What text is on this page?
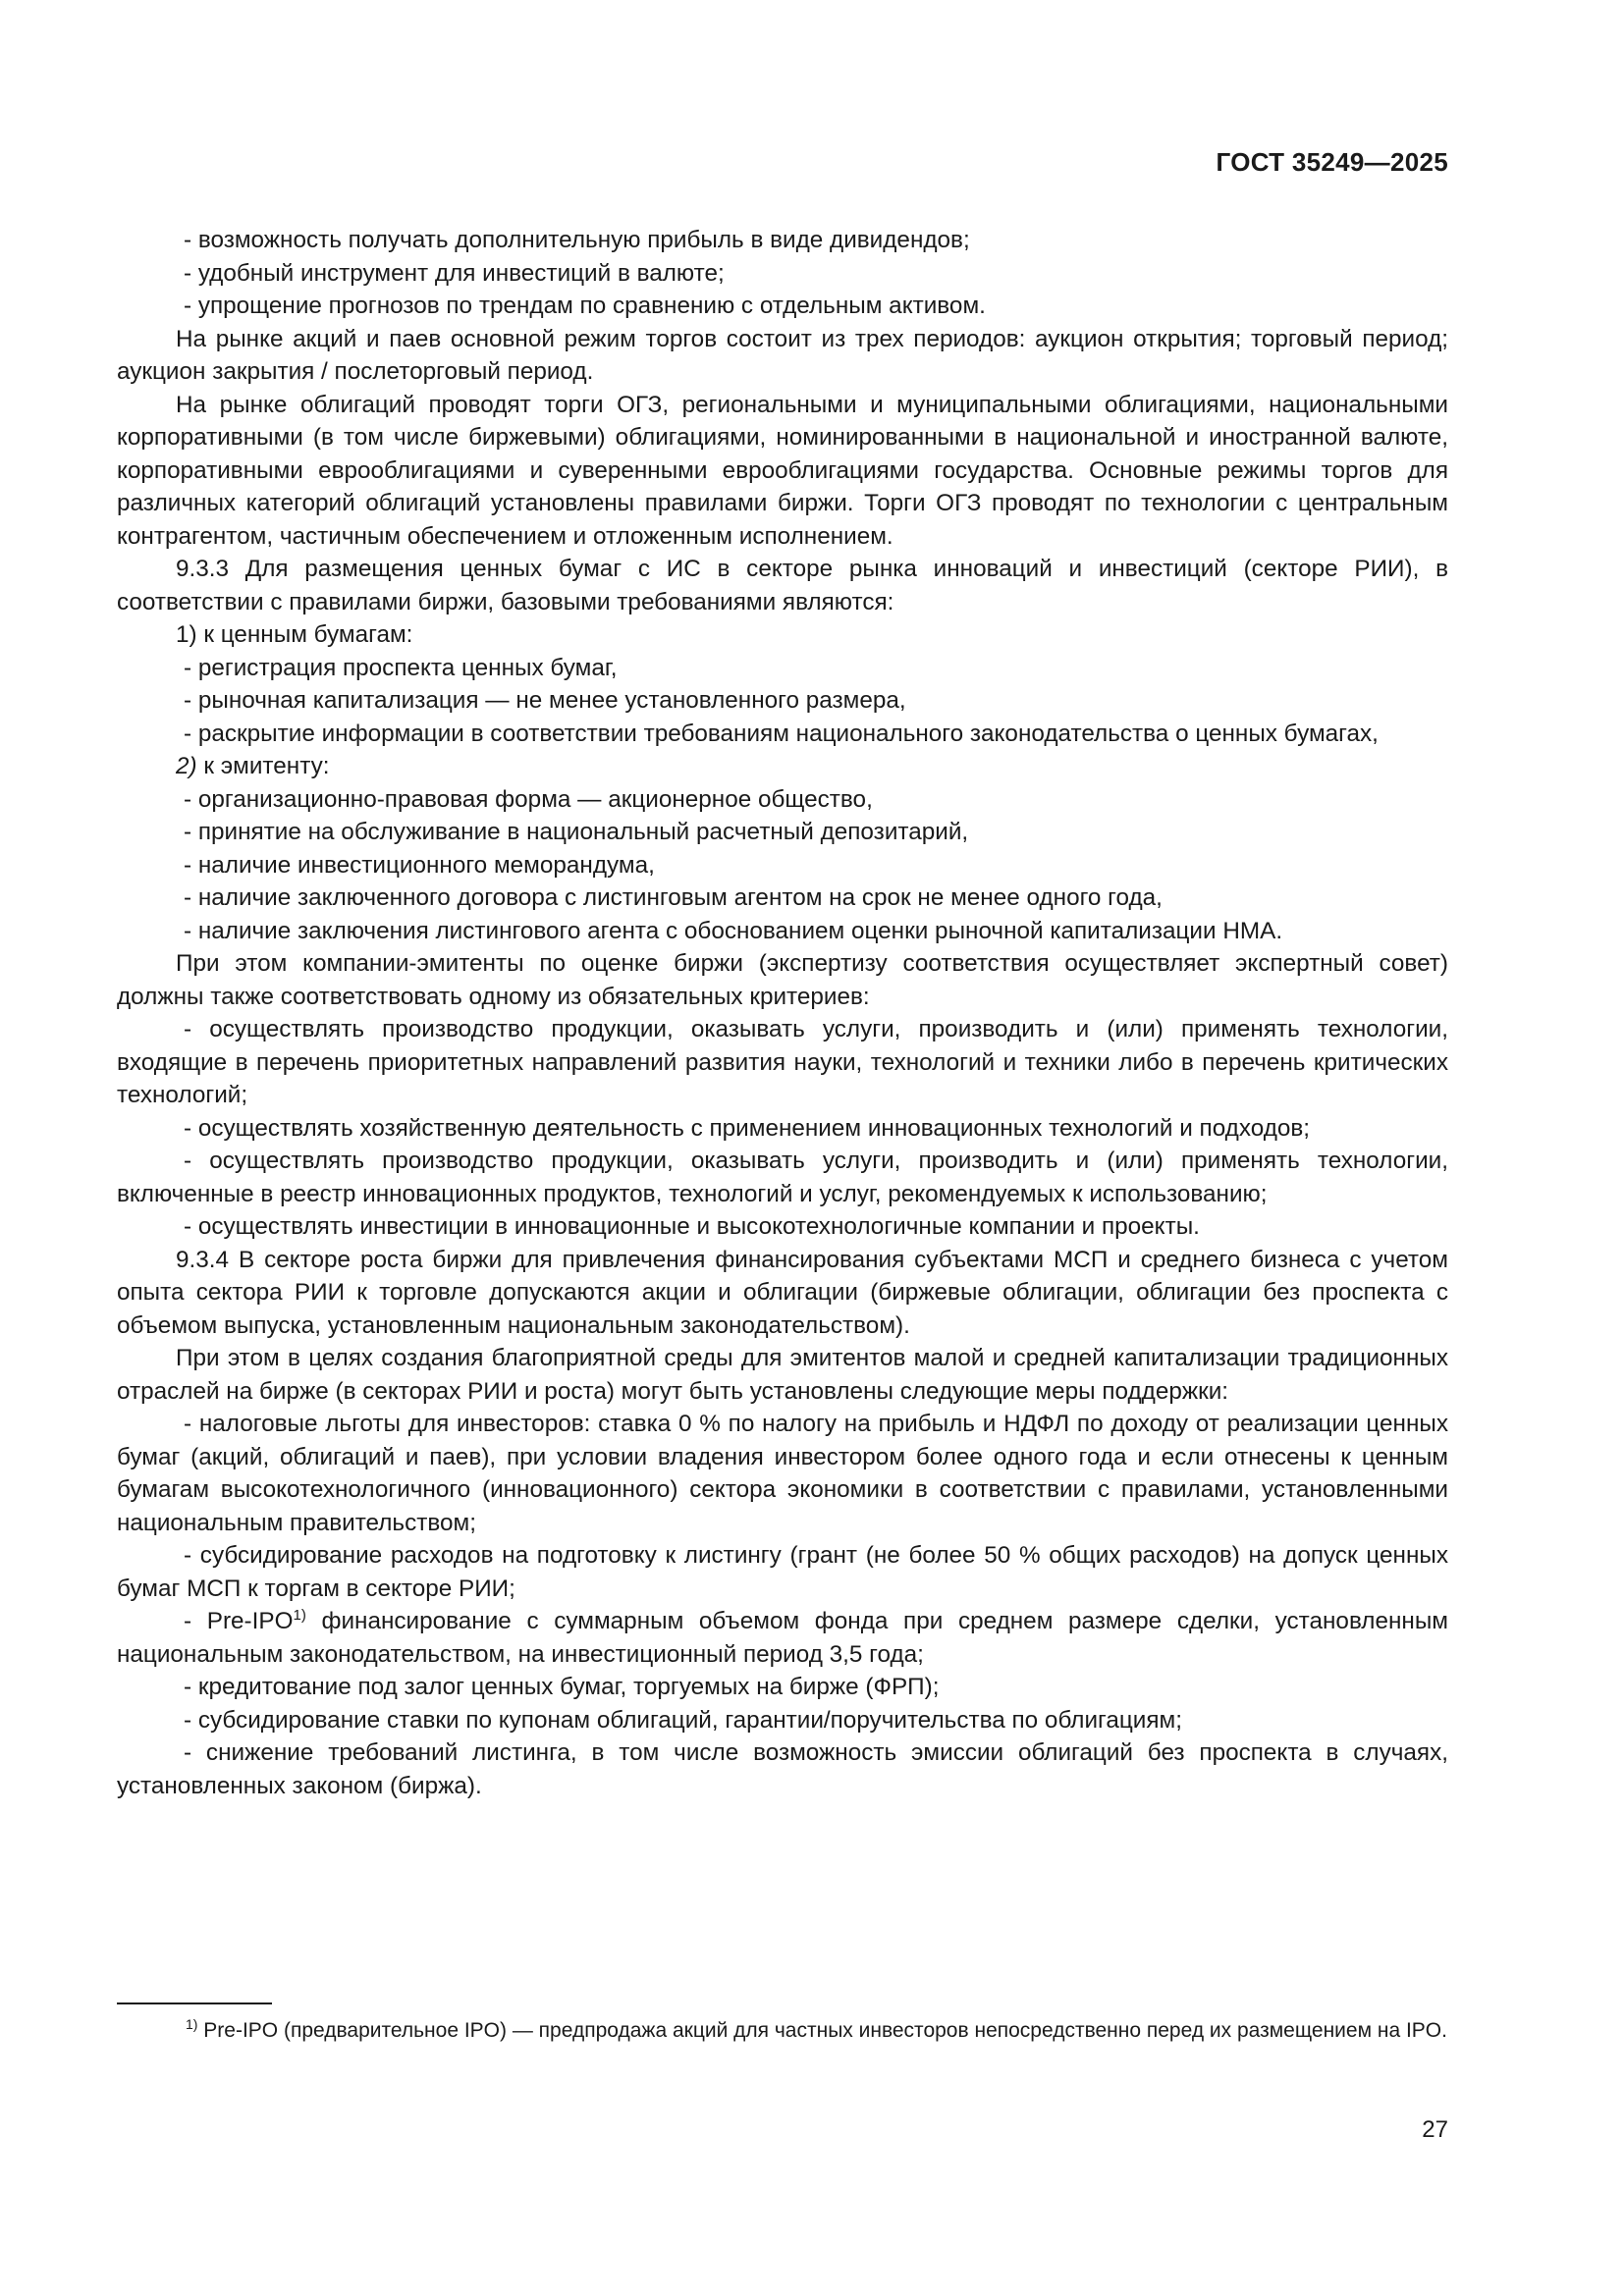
ГОСТ 35249—2025

- возможность получать дополнительную прибыль в виде дивидендов;

- удобный инструмент для инвестиций в валюте;

- упрощение прогнозов по трендам по сравнению с отдельным активом.

На рынке акций и паев основной режим торгов состоит из трех периодов: аукцион открытия; торговый период; аукцион закрытия / послеторговый период.

На рынке облигаций проводят торги ОГЗ, региональными и муниципальными облигациями, национальными корпоративными (в том числе биржевыми) облигациями, номинированными в национальной и иностранной валюте, корпоративными еврооблигациями и суверенными еврооблигациями государства. Основные режимы торгов для различных категорий облигаций установлены правилами биржи. Торги ОГЗ проводят по технологии с центральным контрагентом, частичным обеспечением и отложенным исполнением.

9.3.3 Для размещения ценных бумаг с ИС в секторе рынка инноваций и инвестиций (секторе РИИ), в соответствии с правилами биржи, базовыми требованиями являются:

1) к ценным бумагам:

- регистрация проспекта ценных бумаг,

- рыночная капитализация — не менее установленного размера,

- раскрытие информации в соответствии требованиям национального законодательства о ценных бумагах,

2) к эмитенту:

- организационно-правовая форма — акционерное общество,

- принятие на обслуживание в национальный расчетный депозитарий,

- наличие инвестиционного меморандума,

- наличие заключенного договора с листинговым агентом на срок не менее одного года,

- наличие заключения листингового агента с обоснованием оценки рыночной капитализации НМА.

При этом компании-эмитенты по оценке биржи (экспертизу соответствия осуществляет экспертный совет) должны также соответствовать одному из обязательных критериев:

- осуществлять производство продукции, оказывать услуги, производить и (или) применять технологии, входящие в перечень приоритетных направлений развития науки, технологий и техники либо в перечень критических технологий;

- осуществлять хозяйственную деятельность с применением инновационных технологий и подходов;

- осуществлять производство продукции, оказывать услуги, производить и (или) применять технологии, включенные в реестр инновационных продуктов, технологий и услуг, рекомендуемых к использованию;

- осуществлять инвестиции в инновационные и высокотехнологичные компании и проекты.

9.3.4 В секторе роста биржи для привлечения финансирования субъектами МСП и среднего бизнеса с учетом опыта сектора РИИ к торговле допускаются акции и облигации (биржевые облигации, облигации без проспекта с объемом выпуска, установленным национальным законодательством).

При этом в целях создания благоприятной среды для эмитентов малой и средней капитализации традиционных отраслей на бирже (в секторах РИИ и роста) могут быть установлены следующие меры поддержки:

- налоговые льготы для инвесторов: ставка 0 % по налогу на прибыль и НДФЛ по доходу от реализации ценных бумаг (акций, облигаций и паев), при условии владения инвестором более одного года и если отнесены к ценным бумагам высокотехнологичного (инновационного) сектора экономики в соответствии с правилами, установленными национальным правительством;

- субсидирование расходов на подготовку к листингу (грант (не более 50 % общих расходов) на допуск ценных бумаг МСП к торгам в секторе РИИ;

- Pre-IPO$^{1)}$ финансирование с суммарным объемом фонда при среднем размере сделки, установленным национальным законодательством, на инвестиционный период 3,5 года;

- кредитование под залог ценных бумаг, торгуемых на бирже (ФРП);

- субсидирование ставки по купонам облигаций, гарантии/поручительства по облигациям;

- снижение требований листинга, в том числе возможность эмиссии облигаций без проспекта в случаях, установленных законом (биржа).

$^{1)}$ Pre-IPO (предварительное IPO) — предпродажа акций для частных инвесторов непосредственно перед их размещением на IPO.
27
